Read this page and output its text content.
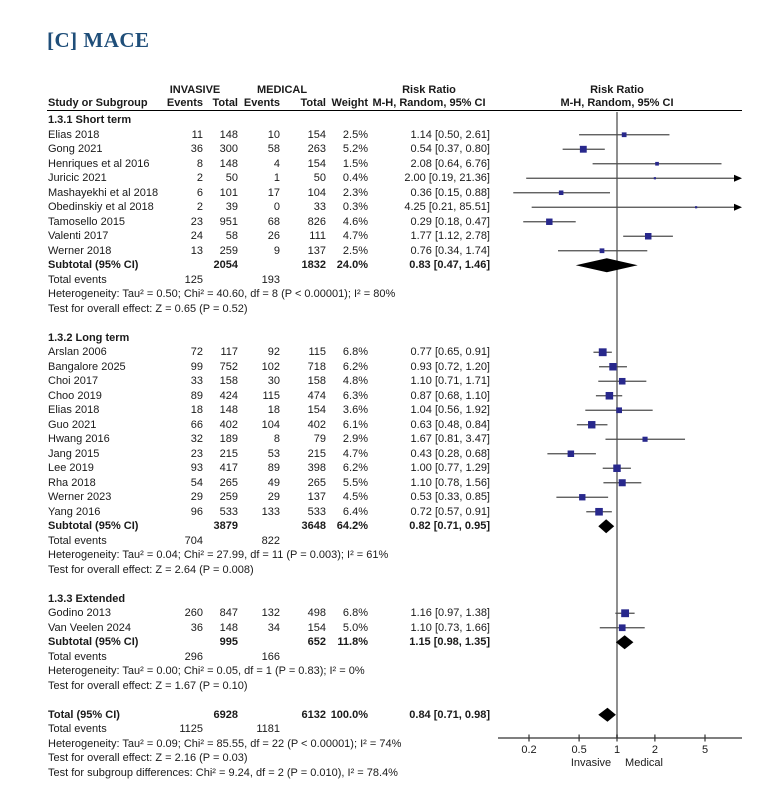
[C] MACE
INVASIVE	MEDICAL	Risk Ratio	Risk Ratio
Study or Subgroup	Events Total Events	Total Weight M-H, Random, 95% CI	M-H, Random, 95% CI
1.3.1 Short term
Elias 2018	11	148	10	154	2.5%	1.14 [0.50, 2.61]
Gong 2021	36	300	58	263	5.2%	0.54 [0.37, 0.80]
Henriques et al 2016	8	148	4	154	1.5%	2.08 [0.64, 6.76]
Juricic 2021	2	50	1	50	0.4%	2.00 [0.19, 21.36]
Mashayekhi et al 2018	6	101	17	104	2.3%	0.36 [0.15, 0.88]
Obedinskiy et al 2018	2	39	0	33	0.3%	4.25 [0.21, 85.51]
Tamosello 2015	23	951	68	826	4.6%	0.29 [0.18, 0.47]
Valenti 2017	24	58	26	111	4.7%	1.77 [1.12, 2.78]
Werner 2018	13	259	9	137	2.5%	0.76 [0.34, 1.74]
Subtotal (95% CI)	2054	1832 24.0%	0.83 [0.47, 1.46]
Total events	125	193
Heterogeneity: Tau² = 0.50; Chi² = 40.60, df = 8 (P < 0.00001); I² = 80%
Test for overall effect: Z = 0.65 (P = 0.52)
1.3.2 Long term
Arslan 2006	72	117	92	115	6.8%	0.77 [0.65, 0.91]
Bangalore 2025	99	752	102	718	6.2%	0.93 [0.72, 1.20]
Choi 2017	33	158	30	158	4.8%	1.10 [0.71, 1.71]
Choo 2019	89	424	115	474	6.3%	0.87 [0.68, 1.10]
Elias 2018	18	148	18	154	3.6%	1.04 [0.56, 1.92]
Guo 2021	66	402	104	402	6.1%	0.63 [0.48, 0.84]
Hwang 2016	32	189	8	79	2.9%	1.67 [0.81, 3.47]
Jang 2015	23	215	53	215	4.7%	0.43 [0.28, 0.68]
Lee 2019	93	417	89	398	6.2%	1.00 [0.77, 1.29]
Rha 2018	54	265	49	265	5.5%	1.10 [0.78, 1.56]
Werner 2023	29	259	29	137	4.5%	0.53 [0.33, 0.85]
Yang 2016	96	533	133	533	6.4%	0.72 [0.57, 0.91]
Subtotal (95% CI)	3879	3648 64.2%	0.82 [0.71, 0.95]
Total events	704	822
Heterogeneity: Tau² = 0.04; Chi² = 27.99, df = 11 (P = 0.003); I² = 61%
Test for overall effect: Z = 2.64 (P = 0.008)
1.3.3 Extended
Godino 2013	260	847	132	498	6.8%	1.16 [0.97, 1.38]
Van Veelen 2024	36	148	34	154	5.0%	1.10 [0.73, 1.66]
Subtotal (95% CI)	995	652	11.8%	1.15 [0.98, 1.35]
Total events	296	166
Heterogeneity: Tau² = 0.00; Chi² = 0.05, df = 1 (P = 0.83); I² = 0%
Test for overall effect: Z = 1.67 (P = 0.10)
Total (95% CI)	6928	6132 100.0%	0.84 [0.71, 0.98]
Total events	1125	1181
Heterogeneity: Tau² = 0.09; Chi² = 85.55, df = 22 (P < 0.00001); I² = 74%
Test for overall effect: Z = 2.16 (P = 0.03)
Test for subgroup differences: Chi² = 9.24, df = 2 (P = 0.010), I² = 78.4%
0.2	0.5 1	2	5
Invasive Medical
